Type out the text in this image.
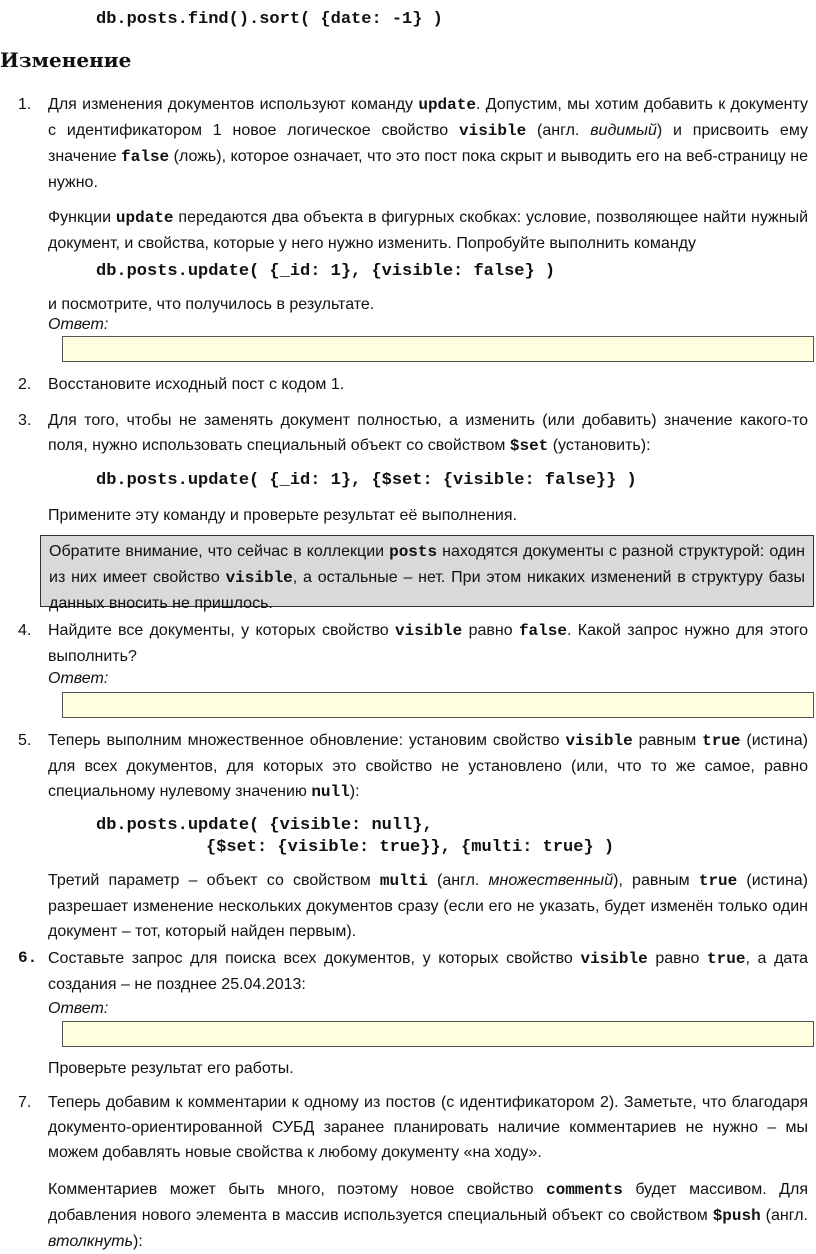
db.posts.find().sort( {date: -1} )
Изменение
1. Для изменения документов используют команду update. Допустим, мы хотим добавить к документу с идентификатором 1 новое логическое свойство visible (англ. видимый) и присвоить ему значение false (ложь), которое означает, что это пост пока скрыт и выводить его на веб-страницу не нужно.

Функции update передаются два объекта в фигурных скобках: условие, позволяющее найти нужный документ, и свойства, которые у него нужно изменить. Попробуйте выполнить команду

db.posts.update( {_id: 1}, {visible: false} )

и посмотрите, что получилось в результате.

Ответ:
2. Восстановите исходный пост с кодом 1.

3. Для того, чтобы не заменять документ полностью, а изменить (или добавить) значение какого-то поля, нужно использовать специальный объект со свойством $set (установить):

db.posts.update( {_id: 1}, {$set: {visible: false}} )

Примените эту команду и проверьте результат её выполнения.

Обратите внимание, что сейчас в коллекции posts находятся документы с разной структурой: один из них имеет свойство visible, а остальные – нет. При этом никаких изменений в структуру базы данных вносить не пришлось.

4. Найдите все документы, у которых свойство visible равно false. Какой запрос нужно для этого выполнить?

Ответ:
5. Теперь выполним множественное обновление: установим свойство visible равным true (истина) для всех документов, для которых это свойство не установлено (или, что то же самое, равно специальному нулевому значению null):

db.posts.update( {visible: null},
{$set: {visible: true}}, {multi: true} )

Третий параметр – объект со свойством multi (англ. множественный), равным true (истина) разрешает изменение нескольких документов сразу (если его не указать, будет изменён только один документ – тот, который найден первым).

6. Составьте запрос для поиска всех документов, у которых свойство visible равно true, а дата создания – не позднее 25.04.2013:

Ответ:

Проверьте результат его работы.

7. Теперь добавим к комментарии к одному из постов (с идентификатором 2). Заметьте, что благодаря документо-ориентированной СУБД заранее планировать наличие комментариев не нужно – мы можем добавлять новые свойства к любому документу «на ходу».

Комментариев может быть много, поэтому новое свойство comments будет массивом. Для добавления нового элемента в массив используется специальный объект со свойством $push (англ. втолкнуть):
